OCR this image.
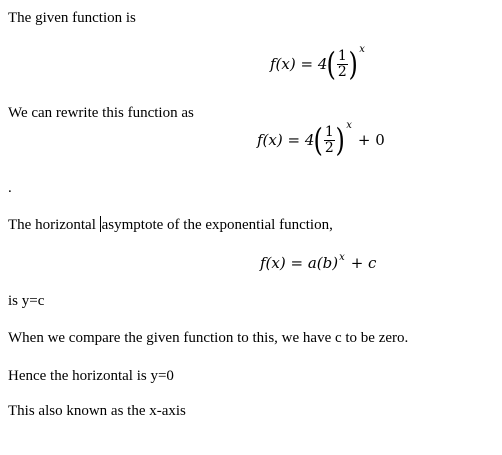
The given function is
f(x) = 4 ( $\frac{1}{2}$ ) x
We can rewrite this function as
f(x) = 4 ( $\frac{1}{2}$ ) x
+ 0
.
The horizontal asymptote of the exponential function,
f(x) = a(b) x + c
is y=c
When we compare the given function to this, we have c to be zero.
Hence the horizontal is y=0
This also known as the x-axis
